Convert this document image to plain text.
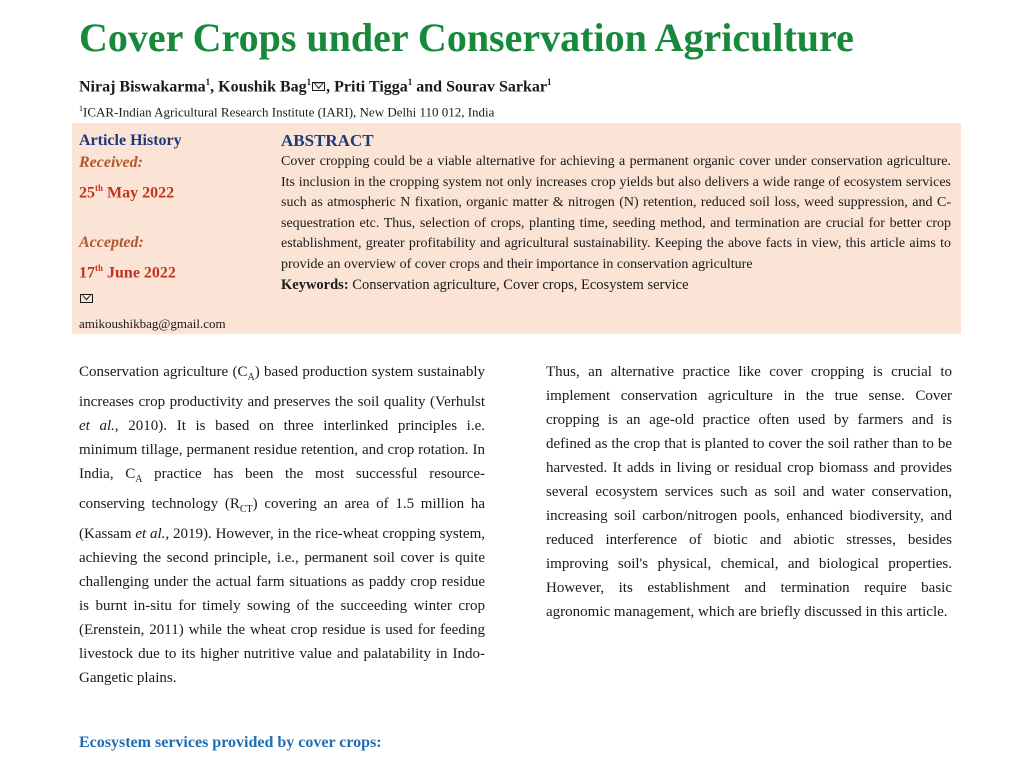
Cover Crops under Conservation Agriculture
Niraj Biswakarma$^1$, Koushik Bag$^1$ , Priti Tigga$^1$ and Sourav Sarkar$^1$
$^1$ICAR-Indian Agricultural Research Institute (IARI), New Delhi 110 012, India
Article History
Received:
25th May 2022
Accepted:
17th June 2022
amikoushikbag@gmail.com
ABSTRACT
Cover cropping could be a viable alternative for achieving a permanent organic cover under conservation agriculture. Its inclusion in the cropping system not only increases crop yields but also delivers a wide range of ecosystem services such as atmospheric N fixation, organic matter & nitrogen (N) retention, reduced soil loss, weed suppression, and C-sequestration etc. Thus, selection of crops, planting time, seeding method, and termination are crucial for better crop establishment, greater profitability and agricultural sustainability. Keeping the above facts in view, this article aims to provide an overview of cover crops and their importance in conservation agriculture
Keywords: Conservation agriculture, Cover crops, Ecosystem service
Conservation agriculture $(C_A)$ based production system sustainably increases crop productivity and preserves the soil quality (Verhulst et al., 2010). It is based on three interlinked principles i.e. minimum tillage, permanent residue retention, and crop rotation. In India, $C_A$ practice has been the most successful resource-conserving technology $(R_{CT})$ covering an area of 1.5 million ha (Kassam et al., 2019). However, in the rice-wheat cropping system, achieving the second principle, i.e., permanent soil cover is quite challenging under the actual farm situations as paddy crop residue is burnt in-situ for timely sowing of the succeeding winter crop (Erenstein, 2011) while the wheat crop residue is used for feeding livestock due to its higher nutritive value and palatability in Indo-Gangetic plains.
Thus, an alternative practice like cover cropping is crucial to implement conservation agriculture in the true sense. Cover cropping is an age-old practice often used by farmers and is defined as the crop that is planted to cover the soil rather than to be harvested. It adds in living or residual crop biomass and provides several ecosystem services such as soil and water conservation, increasing soil carbon/nitrogen pools, enhanced biodiversity, and reduced interference of biotic and abiotic stresses, besides improving soil's physical, chemical, and biological properties. However, its establishment and termination require basic agronomic management, which are briefly discussed in this article.
Ecosystem services provided by cover crops:
